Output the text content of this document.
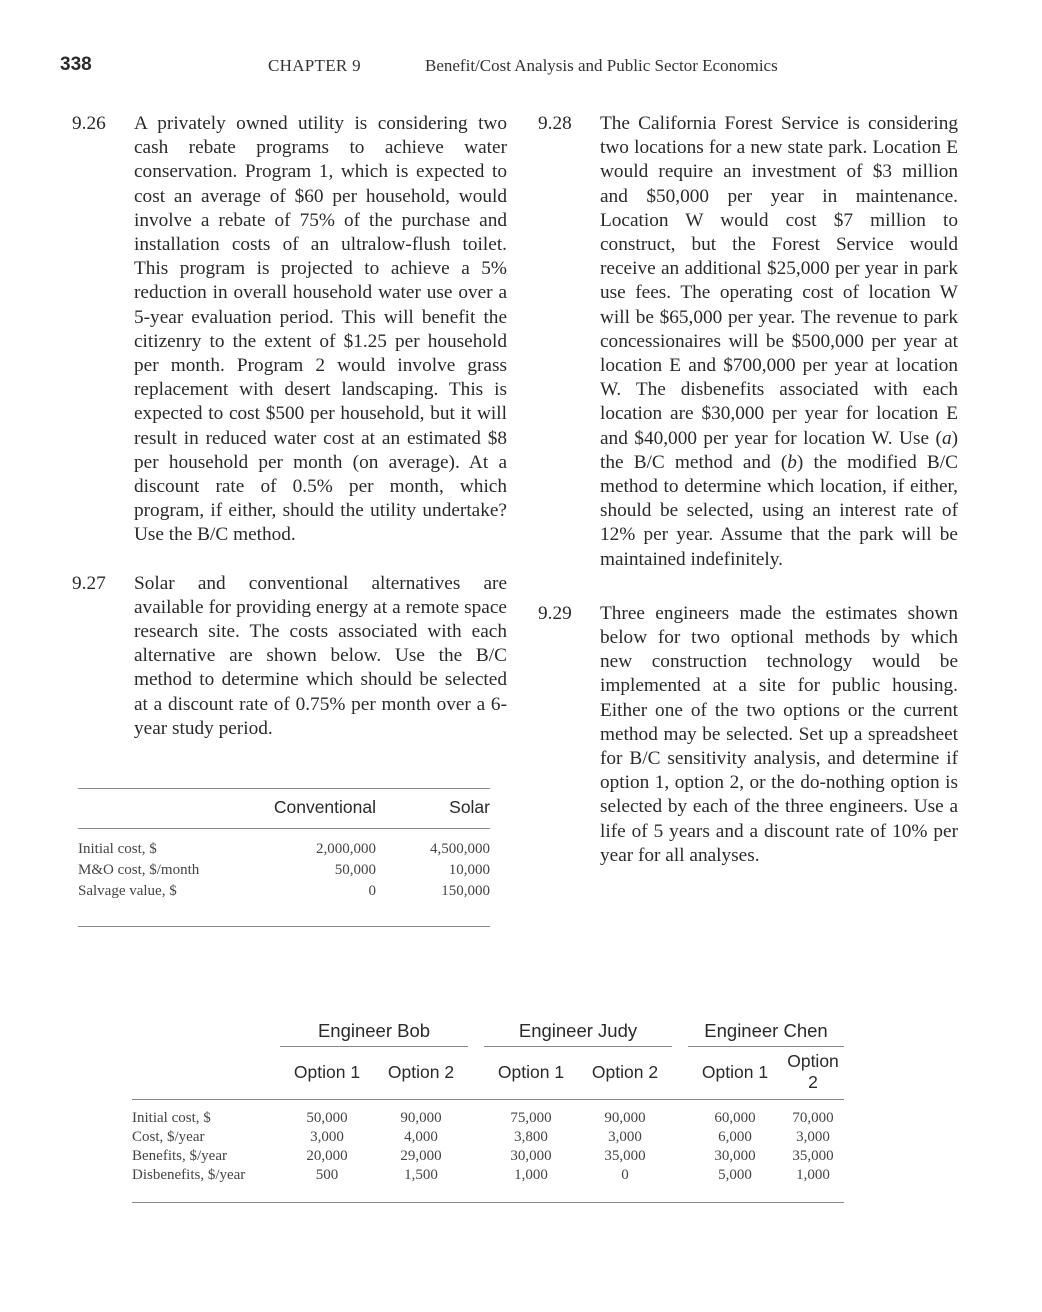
338	CHAPTER 9	Benefit/Cost Analysis and Public Sector Economics
9.26 A privately owned utility is considering two cash rebate programs to achieve water conservation. Program 1, which is expected to cost an average of $60 per household, would involve a rebate of 75% of the purchase and installation costs of an ultralow-flush toilet. This program is projected to achieve a 5% reduction in overall household water use over a 5-year evaluation period. This will benefit the citizenry to the extent of $1.25 per household per month. Program 2 would involve grass replacement with desert landscaping. This is expected to cost $500 per household, but it will result in reduced water cost at an estimated $8 per household per month (on average). At a discount rate of 0.5% per month, which program, if either, should the utility undertake? Use the B/C method.

9.27 Solar and conventional alternatives are available for providing energy at a remote space research site. The costs associated with each alternative are shown below. Use the B/C method to determine which should be selected at a discount rate of 0.75% per month over a 6-year study period.

	Conventional	Solar
Initial cost, $	2,000,000	4,500,000
M&O cost, $/month	50,000	10,000
Salvage value, $	0	150,000
9.28 The California Forest Service is considering two locations for a new state park. Location E would require an investment of $3 million and $50,000 per year in maintenance. Location W would cost $7 million to construct, but the Forest Service would receive an additional $25,000 per year in park use fees. The operating cost of location W will be $65,000 per year. The revenue to park concessionaires will be $500,000 per year at location E and $700,000 per year at location W. The disbenefits associated with each location are $30,000 per year for location E and $40,000 per year for location W. Use (a) the B/C method and (b) the modified B/C method to determine which location, if either, should be selected, using an interest rate of 12% per year. Assume that the park will be maintained indefinitely.

9.29 Three engineers made the estimates shown below for two optional methods by which new construction technology would be implemented at a site for public housing. Either one of the two options or the current method may be selected. Set up a spreadsheet for B/C sensitivity analysis, and determine if option 1, option 2, or the do-nothing option is selected by each of the three engineers. Use a life of 5 years and a discount rate of 10% per year for all analyses.

	Engineer Bob			Engineer Judy			Engineer Chen	
	Option 1	Option 2		Option 1	Option 2		Option 1	Option 2
Initial cost, $	50,000	90,000		75,000	90,000		60,000	70,000
Cost, $/year	3,000	4,000		3,800	3,000		6,000	3,000
Benefits, $/year	20,000	29,000		30,000	35,000		30,000	35,000
Disbenefits, $/year	500	1,500		1,000	0		5,000	1,000
